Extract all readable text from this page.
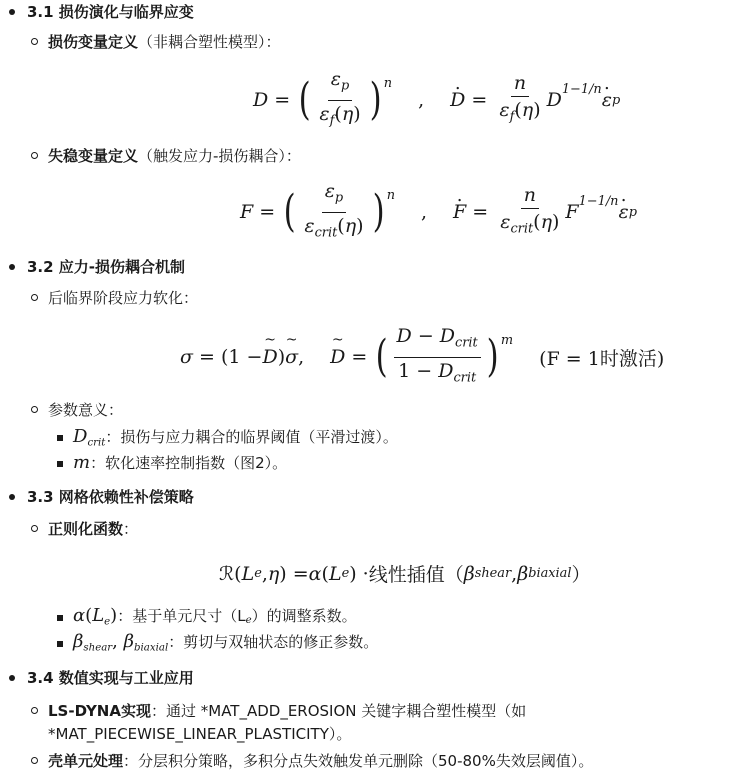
3.1 损伤演化与临界应变
损伤变量定义（非耦合塑性模型）：
D = ( $\frac{\varepsilon_p}{\varepsilon_f(\eta)}$ ) n
, . $D = \frac{n}{\varepsilon_f(\eta)}$ D 1−1/n . ε p
失稳变量定义（触发应力-损伤耦合）：
F = ( $\frac{\varepsilon_p}{\varepsilon_{crit}(\eta)}$ ) n
, . $F = \frac{n}{\varepsilon_{crit}(\eta)}$ F 1−1/n . ε p
3.2 应力-损伤耦合机制
后临界阶段应力软化：
σ = (1 − ~ D ) ~ σ , ~ D = ( $\frac{D - D_{crit}}{1 - D_{crit}}$ ) m
(F = 1时激活)
参数意义：
$D_{crit}$：损伤与应力耦合的临界阈值（平滑过渡）。
m：软化速率控制指数（图2）。
3.3 网格依赖性补偿策略
正则化函数：
ℛ ( L e , η ) = α ( L e ) · 线性插值 （ β shear , β biaxial ）
$\alpha(L_e)$：基于单元尺寸$(L_e)$的调整系数。
$\beta_{shear}$, $\beta_{biaxial}$：剪切与双轴状态的修正参数。
3.4 数值实现与工业应用
LS-DYNA实现：通过 *MAT_ADD_EROSION 关键字耦合塑性模型（如
*MAT_PIECEWISE_LINEAR_PLASTICITY）。
壳单元处理：分层积分策略，多积分点失效触发单元删除（50-80%失效层阈值）。
